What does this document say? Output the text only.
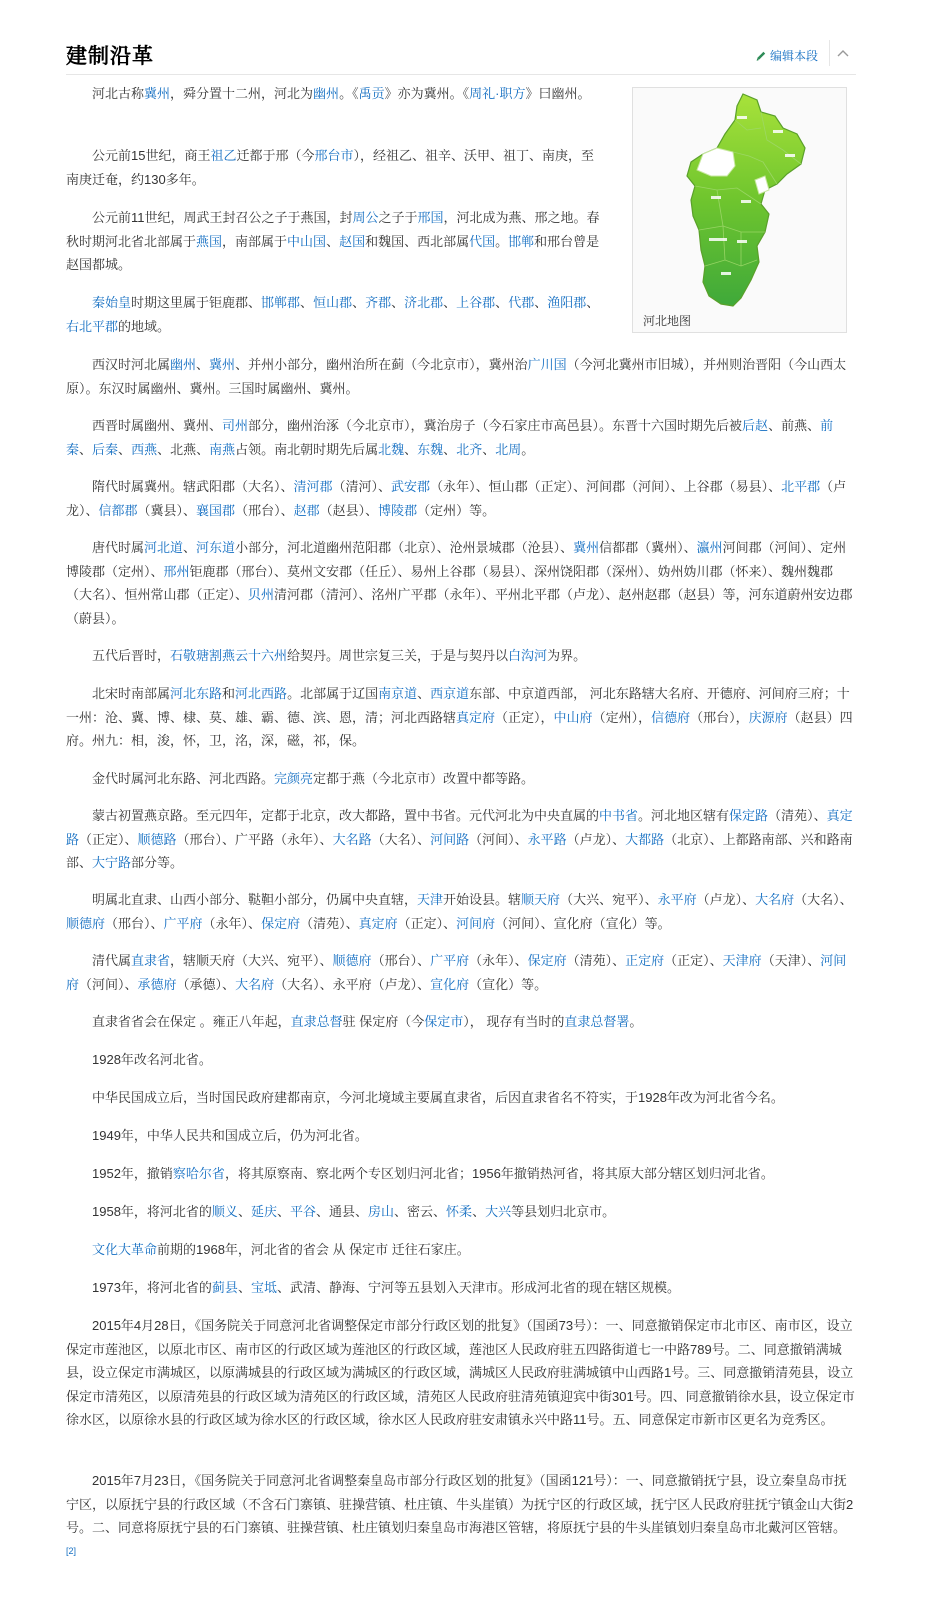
建制沿革	编辑本段
河北地图

河北古称冀州，舜分置十二州，河北为幽州。《禹贡》亦为冀州。《周礼·职方》曰幽州。

公元前15世纪，商王祖乙迁都于邢（今邢台市），经祖乙、祖辛、沃甲、祖丁、南庚，至南庚迁奄，约130多年。

公元前11世纪，周武王封召公之子于燕国，封周公之子于邢国，河北成为燕、邢之地。春秋时期河北省北部属于燕国，南部属于中山国、赵国和魏国、西北部属代国。邯郸和邢台曾是赵国都城。

秦始皇时期这里属于钜鹿郡、邯郸郡、恒山郡、齐郡、济北郡、上谷郡、代郡、渔阳郡、右北平郡的地域。

西汉时河北属幽州、冀州、并州小部分，幽州治所在蓟（今北京市），冀州治广川国（今河北冀州市旧城），并州则治晋阳（今山西太原）。东汉时属幽州、冀州。三国时属幽州、冀州。

西晋时属幽州、冀州、司州部分，幽州治涿（今北京市），冀治房子（今石家庄市高邑县）。东晋十六国时期先后被后赵、前燕、前秦、后秦、西燕、北燕、南燕占领。南北朝时期先后属北魏、东魏、北齐、北周。

隋代时属冀州。辖武阳郡（大名）、清河郡（清河）、武安郡（永年）、恒山郡（正定）、河间郡（河间）、上谷郡（易县）、北平郡（卢龙）、信都郡（冀县）、襄国郡（邢台）、赵郡（赵县）、博陵郡（定州）等。

唐代时属河北道、河东道小部分，河北道幽州范阳郡（北京）、沧州景城郡（沧县）、冀州信都郡（冀州）、瀛州河间郡（河间）、定州博陵郡（定州）、邢州钜鹿郡（邢台）、莫州文安郡（任丘）、易州上谷郡（易县）、深州饶阳郡（深州）、妫州妫川郡（怀来）、魏州魏郡（大名）、恒州常山郡（正定）、贝州清河郡（清河）、洺州广平郡（永年）、平州北平郡（卢龙）、赵州赵郡（赵县）等，河东道蔚州安边郡（蔚县）。

五代后晋时，石敬瑭割燕云十六州给契丹。周世宗复三关，于是与契丹以白沟河为界。

北宋时南部属河北东路和河北西路。北部属于辽国南京道、西京道东部、中京道西部， 河北东路辖大名府、开德府、河间府三府；十一州：沧、冀、博、棣、莫、雄、霸、德、滨、恩，清；河北西路辖真定府（正定），中山府（定州），信德府（邢台），庆源府（赵县）四府。州九：相，浚，怀，卫，洺，深，磁，祁，保。

金代时属河北东路、河北西路。完颜亮定都于燕（今北京市）改置中都等路。

蒙古初置燕京路。至元四年，定都于北京，改大都路，置中书省。元代河北为中央直属的中书省。河北地区辖有保定路（清苑）、真定路（正定）、顺德路（邢台）、广平路（永年）、大名路（大名）、河间路（河间）、永平路（卢龙）、大都路（北京）、上都路南部、兴和路南部、大宁路部分等。

明属北直隶、山西小部分、鞑靼小部分，仍属中央直辖，天津开始设县。辖顺天府（大兴、宛平）、永平府（卢龙）、大名府（大名）、顺德府（邢台）、广平府（永年）、保定府（清苑）、真定府（正定）、河间府（河间）、宣化府（宣化）等。

清代属直隶省，辖顺天府（大兴、宛平）、顺德府（邢台）、广平府（永年）、保定府（清苑）、正定府（正定）、天津府（天津）、河间府（河间）、承德府（承德）、大名府（大名）、永平府（卢龙）、宣化府（宣化）等。

直隶省省会在保定 。雍正八年起，直隶总督驻 保定府（今保定市）， 现存有当时的直隶总督署。

1928年改名河北省。

中华民国成立后，当时国民政府建都南京，今河北境域主要属直隶省，后因直隶省名不符实，于1928年改为河北省今名。

1949年，中华人民共和国成立后，仍为河北省。

1952年，撤销察哈尔省，将其原察南、察北两个专区划归河北省；1956年撤销热河省，将其原大部分辖区划归河北省。

1958年，将河北省的顺义、延庆、平谷、通县、房山、密云、怀柔、大兴等县划归北京市。

文化大革命前期的1968年，河北省的省会 从 保定市 迁往石家庄。

1973年，将河北省的蓟县、宝坻、武清、静海、宁河等五县划入天津市。形成河北省的现在辖区规模。

2015年4月28日，《国务院关于同意河北省调整保定市部分行政区划的批复》（国函73号）：一、同意撤销保定市北市区、南市区，设立保定市莲池区，以原北市区、南市区的行政区域为莲池区的行政区域，莲池区人民政府驻五四路街道七一中路789号。二、同意撤销满城县，设立保定市满城区，以原满城县的行政区域为满城区的行政区域，满城区人民政府驻满城镇中山西路1号。三、同意撤销清苑县，设立保定市清苑区，以原清苑县的行政区域为清苑区的行政区域，清苑区人民政府驻清苑镇迎宾中街301号。四、同意撤销徐水县，设立保定市徐水区，以原徐水县的行政区域为徐水区的行政区域，徐水区人民政府驻安肃镇永兴中路11号。五、同意保定市新市区更名为竞秀区。

2015年7月23日，《国务院关于同意河北省调整秦皇岛市部分行政区划的批复》（国函121号）：一、同意撤销抚宁县，设立秦皇岛市抚宁区，以原抚宁县的行政区域（不含石门寨镇、驻操营镇、杜庄镇、牛头崖镇）为抚宁区的行政区域，抚宁区人民政府驻抚宁镇金山大街2号。二、同意将原抚宁县的石门寨镇、驻操营镇、杜庄镇划归秦皇岛市海港区管辖，将原抚宁县的牛头崖镇划归秦皇岛市北戴河区管辖。[2]
